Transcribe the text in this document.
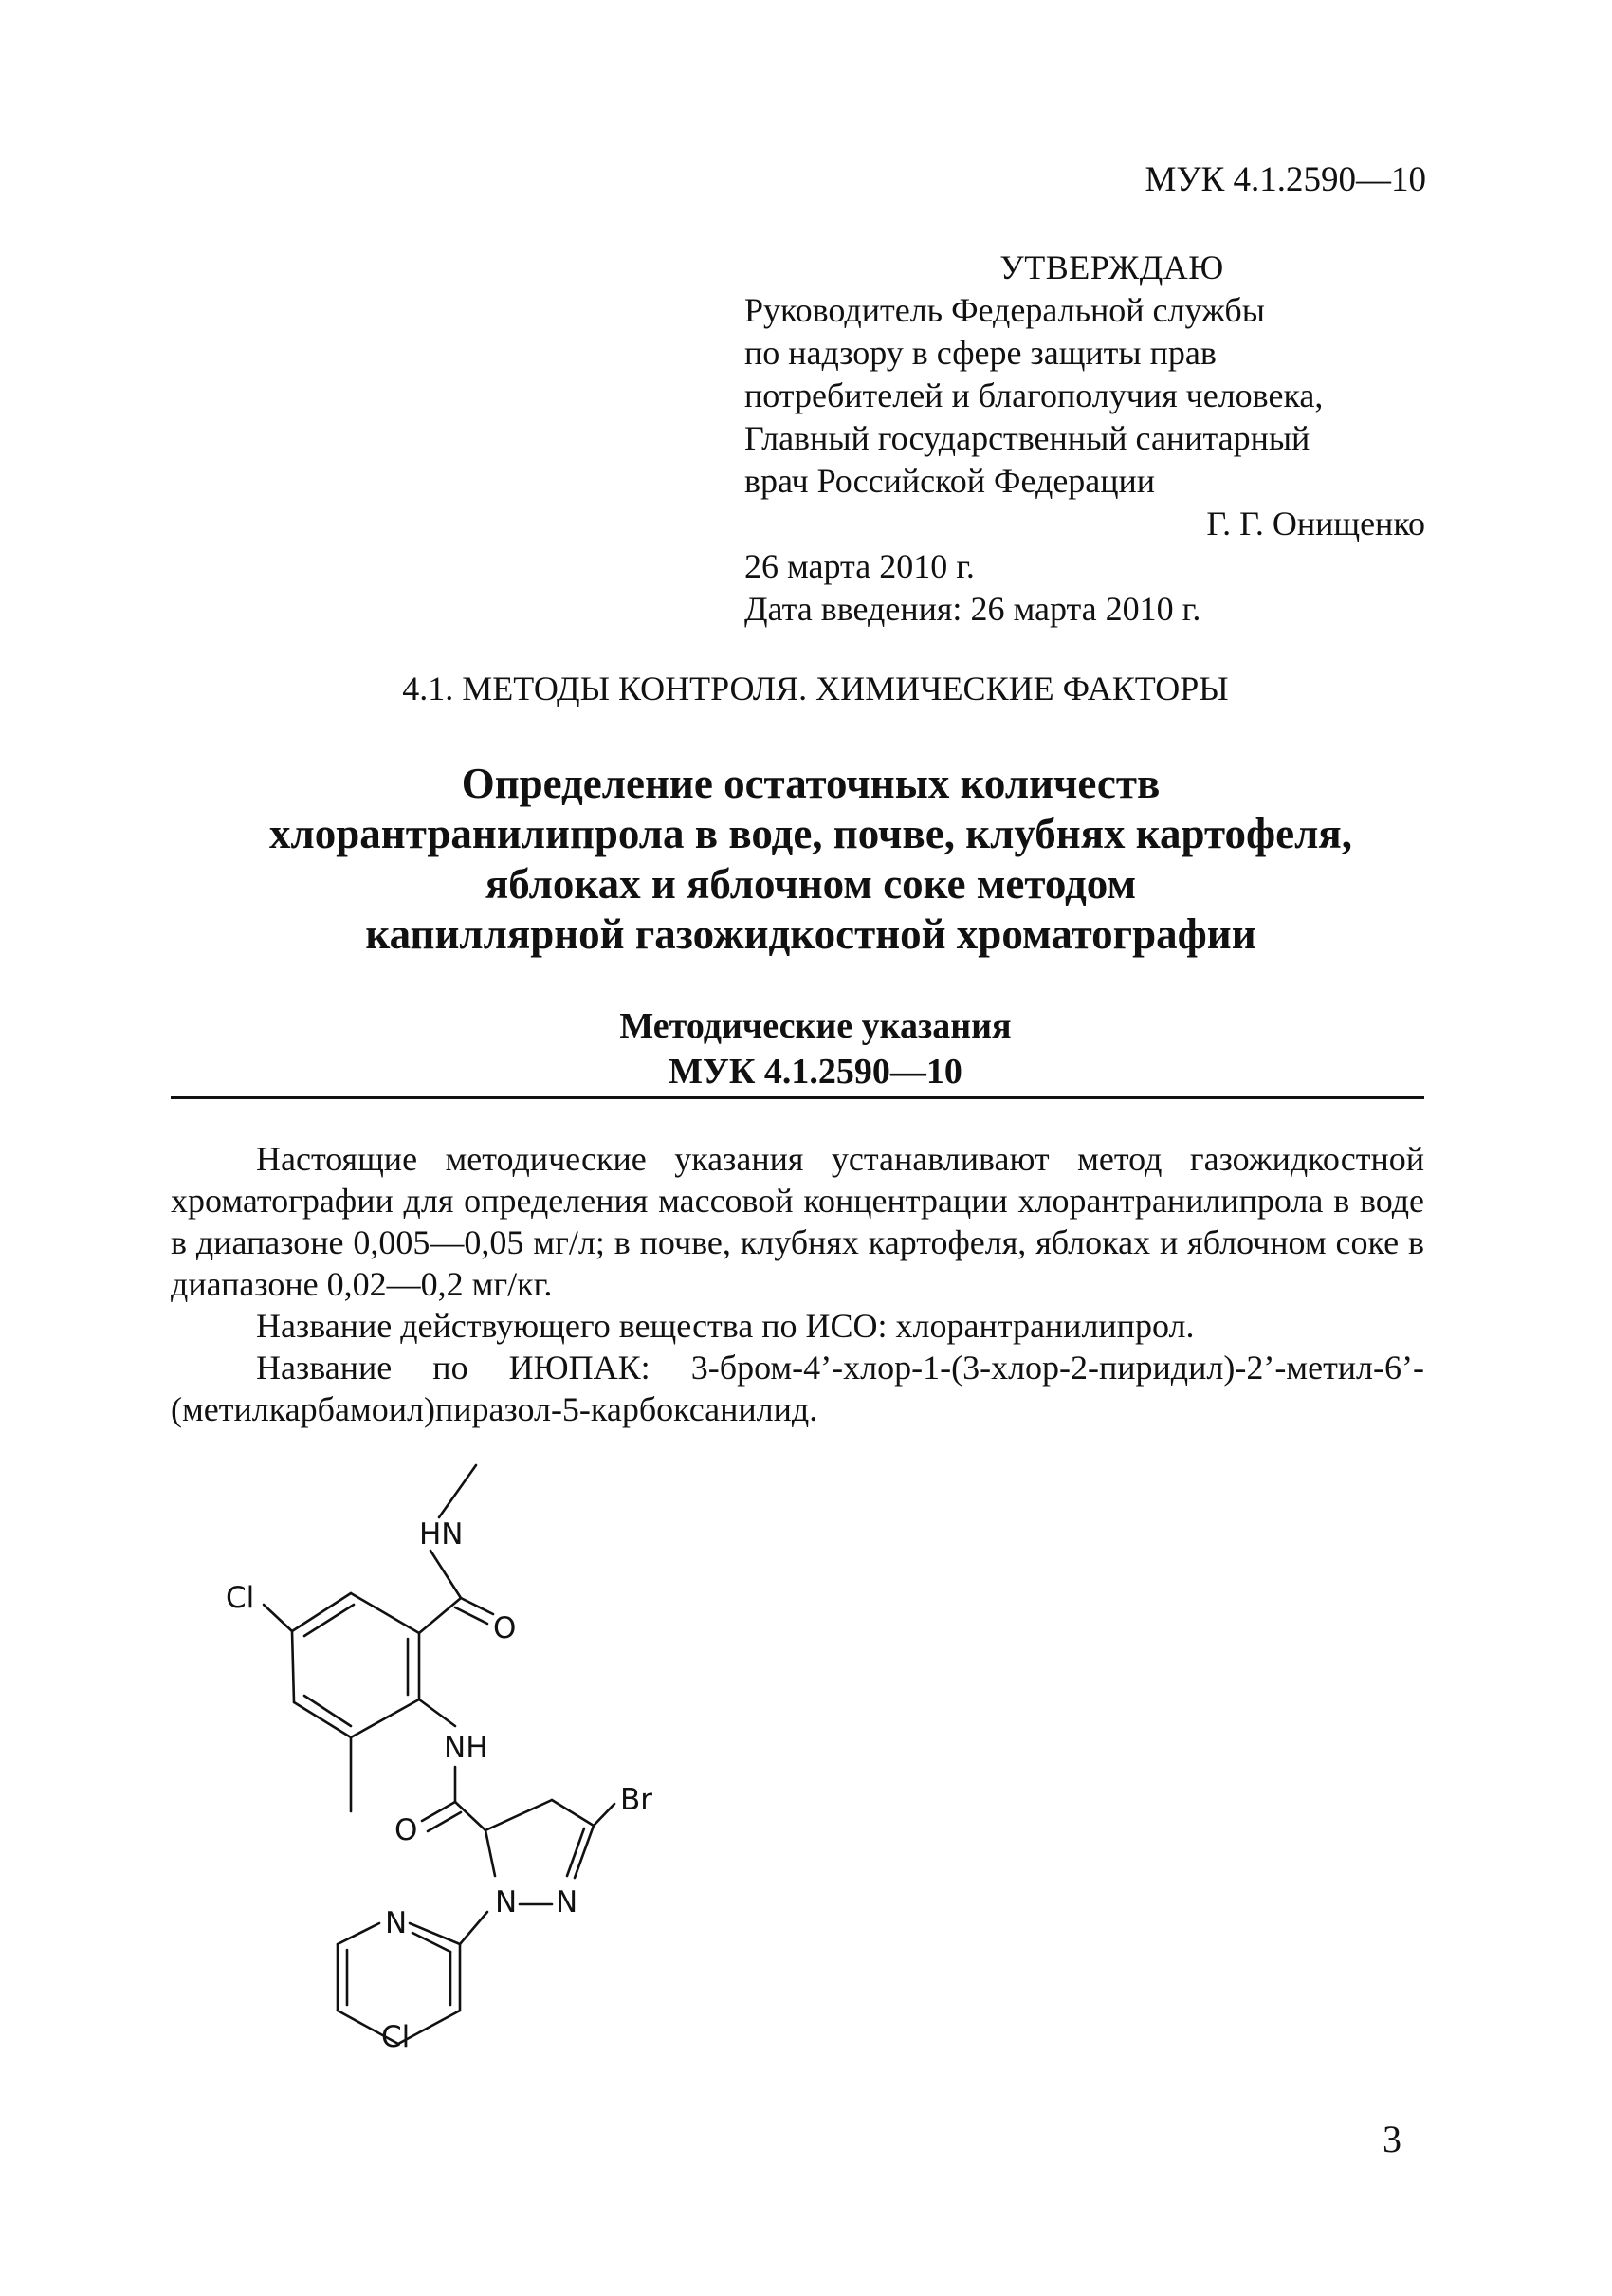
МУК 4.1.2590—10
УТВЕРЖДАЮ
Руководитель Федеральной службы
по надзору в сфере защиты прав
потребителей и благополучия человека,
Главный государственный санитарный
врач Российской Федерации
Г. Г. Онищенко
26 марта 2010 г.
Дата введения: 26 марта 2010 г.
4.1. МЕТОДЫ КОНТРОЛЯ. ХИМИЧЕСКИЕ ФАКТОРЫ
Определение остаточных количеств
хлорантранилипрола в воде, почве, клубнях картофеля,
яблоках и яблочном соке методом
капиллярной газожидкостной хроматографии
Методические указания
МУК 4.1.2590—10

Настоящие методические указания устанавливают метод газожидкостной хроматографии для определения массовой концентрации хлорантранилипрола в воде в диапазоне 0,005—0,05 мг/л; в почве, клубнях картофеля, яблоках и яблочном соке в диапазоне 0,02—0,2 мг/кг.

Название действующего вещества по ИСО: хлорантранилипрол.

Название по ИЮПАК: 3-бром-4’-хлор-1-(3-хлор-2-пиридил)-2’-метил-6’-(метилкарбамоил)пиразол-5-карбоксанилид.

HN
Cl
O
NH
Br
O
N N
N
Cl
3
